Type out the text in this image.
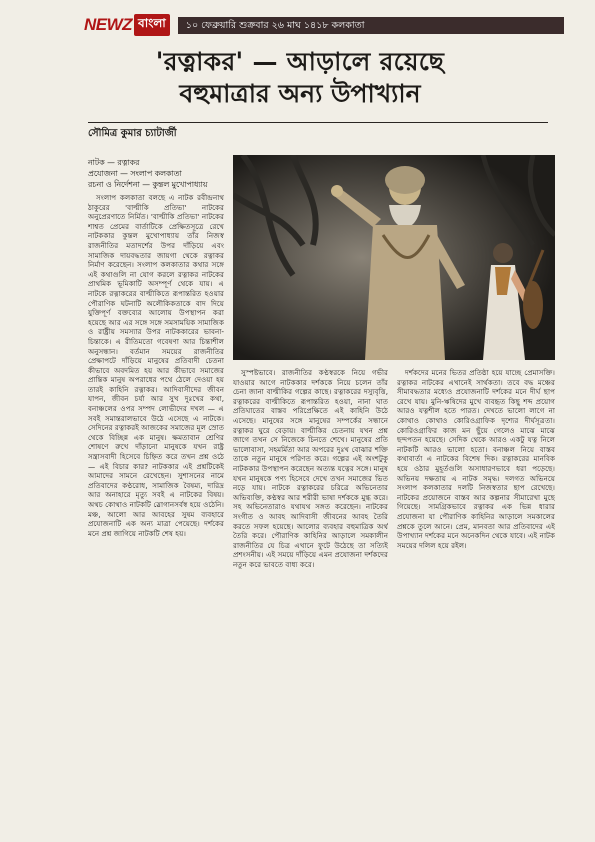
NEWZ বাংলা	১০ ফেব্রুয়ারি শুক্রবার ২৬ মাঘ ১৪১৮ কলকাতা
'রত্নাকর' — আড়ালে রয়েছে
বহুমাত্রার অন্য উপাখ্যান
সৌমিত্র কুমার চ্যাটার্জী
নাটক — রত্নাকর
প্রযোজনা — সংলাপ কলকাতা
রচনা ও নির্দেশনা — কুন্তল মুখোপাধ্যায়

সংলাপ কলকাতা বলছে এ নাটক রবীন্দ্রনাথ ঠাকুরের 'বাল্মীকি প্রতিভা' নাটকের অনুপ্রেরণাতে নির্মিত। 'বাল্মীকি প্রতিভা' নাটকের শাশ্বত প্রেমের বার্তাটিকে প্রেক্ষিতসূত্রে রেখে নাটককার কুন্তল মুখোপাধ্যায় তাঁর নিজস্ব রাজনীতির মতাদর্শের উপর দাঁড়িয়ে এবং সামাজিক দায়বদ্ধতার জায়গা থেকে রত্নাকর নির্মাণ করেছেন। সংলাপ কলকাতার কথার সঙ্গে এই কথাগুলি না যোগ করলে রত্নাকর নাটকের প্রাথমিক ভূমিকাটি অসম্পূর্ণ থেকে যায়। এ নাটকে রত্নাকরের বাল্মীকিতে রূপান্তরিত হওয়ার পৌরাণিক ঘটনাটি অলৌকিকতাকে বাদ দিয়ে যুক্তিপূর্ণ বক্তব্যের আলোয় উপস্থাপন করা হয়েছে আর এর সঙ্গে সঙ্গে সমসাময়িক সামাজিক ও রাষ্ট্রীয় সমস্যার উপর নাটককারের ভাবনা-চিন্তাকে। এ রীতিমতো গবেষণা আর চিন্তাশীল অনুসন্ধান। বর্তমান সময়ের রাজনীতির প্রেক্ষাপটে দাঁড়িয়ে মানুষের প্রতিবাদী চেতনা কীভাবে অবদমিত হয় আর কীভাবে সমাজের প্রান্তিক মানুষ অপরাধের পথে ঠেলে দেওয়া হয় তারই কাহিনি রত্নাকর। আদিবাসীদের জীবন যাপন, জীবন চর্যা আর সুখ দুঃখের কথা, বনাঞ্চলের ওপর সম্পদ লোভীদের দখল — এ সবই সমান্তরালভাবে উঠে এসেছে এ নাটকে। সেদিনের রত্নাকরই আজকের সমাজের মূল স্রোত থেকে বিচ্ছিন্ন এক মানুষ। ক্ষমতাবান শ্রেণির শোষণে রুখে দাঁড়ানো মানুষকে যখন রাষ্ট্র সন্ত্রাসবাদী হিসেবে চিহ্নিত করে তখন প্রশ্ন ওঠে — এই বিচার কার? নাটককার এই প্রশ্নটিকেই আমাদের সামনে রেখেছেন। সুশাসনের নামে প্রতিবাদের কণ্ঠরোধ, সামাজিক বৈষম্য, দারিদ্র আর অনাহারে মৃত্যু সবই এ নাটকের বিষয়। অথচ কোথাও নাটকটি স্লোগানসর্বস্ব হয়ে ওঠেনি। মঞ্চ, আলো আর আবহের সুষম ব্যবহারে প্রযোজনাটি এক অন্য মাত্রা পেয়েছে। দর্শকের মনে প্রশ্ন জাগিয়ে নাটকটি শেষ হয়।

সুস্পষ্টভাবে। রাজনীতির কণ্ঠস্বরকে নিয়ে গভীর যাওয়ার আগে নাটককার দর্শককে নিয়ে চলেন তাঁর চেনা জানা বাল্মীকির গল্পের কাছে। রত্নাকরের দস্যুবৃত্তি, রত্নাকরের বাল্মীকিতে রূপান্তরিত হওয়া, নানা ঘাত প্রতিঘাতের বাস্তব পরিপ্রেক্ষিতে এই কাহিনি উঠে এসেছে। মানুষের সঙ্গে মানুষের সম্পর্কের সন্ধানে রত্নাকর ঘুরে বেড়ায়। বাল্মীকির চেতনায় যখন প্রশ্ন জাগে তখন সে নিজেকে চিনতে শেখে। মানুষের প্রতি ভালোবাসা, সহমর্মিতা আর অপরের দুঃখ বোঝার শক্তি তাকে নতুন মানুষে পরিণত করে। গল্পের এই অংশটুকু নাটককার উপস্থাপন করেছেন অত্যন্ত যত্নের সঙ্গে। মানুষ যখন মানুষকে পণ্য হিসেবে দেখে তখন সমাজের ভিত নড়ে যায়। নাটকে রত্নাকরের চরিত্রে অভিনেতার অভিব্যক্তি, কণ্ঠস্বর আর শরীরী ভাষা দর্শককে মুগ্ধ করে। সহ অভিনেতারাও যথাযথ সঙ্গত করেছেন। নাটকের সংগীত ও আবহ আদিবাসী জীবনের আবহ তৈরি করতে সফল হয়েছে। আলোর ব্যবহার বহুমাত্রিক অর্থ তৈরি করে। পৌরাণিক কাহিনির আড়ালে সমকালীন রাজনীতির যে চিত্র এখানে ফুটে উঠেছে তা সত্যিই প্রশংসনীয়। এই সময়ে দাঁড়িয়ে এমন প্রযোজনা দর্শকদের নতুন করে ভাবতে বাধ্য করে।

দর্শকদের মনের ভিতর প্রতিষ্ঠা হয়ে যাচ্ছে প্রেমাসক্তি। রত্নাকর নাটকের এখানেই সার্থকতা। তবে বদ্ধ মঞ্চের সীমাবদ্ধতার মধ্যেও প্রযোজনাটি দর্শকের মনে দীর্ঘ ছাপ রেখে যায়। মুনি-ঋষিদের মুখে ব্যবহৃত কিছু শব্দ প্রয়োগ আরও যত্নশীল হতে পারত। দেখতে ভালো লাগে না কোথাও কোথাও কোরিওগ্রাফিক দৃশ্যের দীর্ঘসূত্রতা। কোরিওগ্রাফির কাজ মন ছুঁয়ে গেলেও মাঝে মাঝে ছন্দপতন হয়েছে। সেদিক থেকে আরও একটু যত্ন নিলে নাটকটি আরও ভালো হতো। বনাঞ্চল নিয়ে বাস্তব কথাবার্তা এ নাটকের বিশেষ দিক। রত্নাকরের মানবিক হয়ে ওঠার মুহূর্তগুলি অসাধারণভাবে ধরা পড়েছে। অভিনয় দক্ষতায় এ নাটক সমৃদ্ধ। দলগত অভিনয়ে সংলাপ কলকাতার দলটি নিজস্বতার ছাপ রেখেছে। নাটকের প্রয়োজনে বাস্তব আর কল্পনার সীমারেখা মুছে গিয়েছে। সামগ্রিকভাবে রত্নাকর এক ভিন্ন ধারার প্রযোজনা যা পৌরাণিক কাহিনির আড়ালে সমকালের প্রশ্নকে তুলে আনে। প্রেম, মানবতা আর প্রতিবাদের এই উপাখ্যান দর্শকের মনে অনেকদিন থেকে যাবে। এই নাটক সময়ের দলিল হয়ে রইল।
